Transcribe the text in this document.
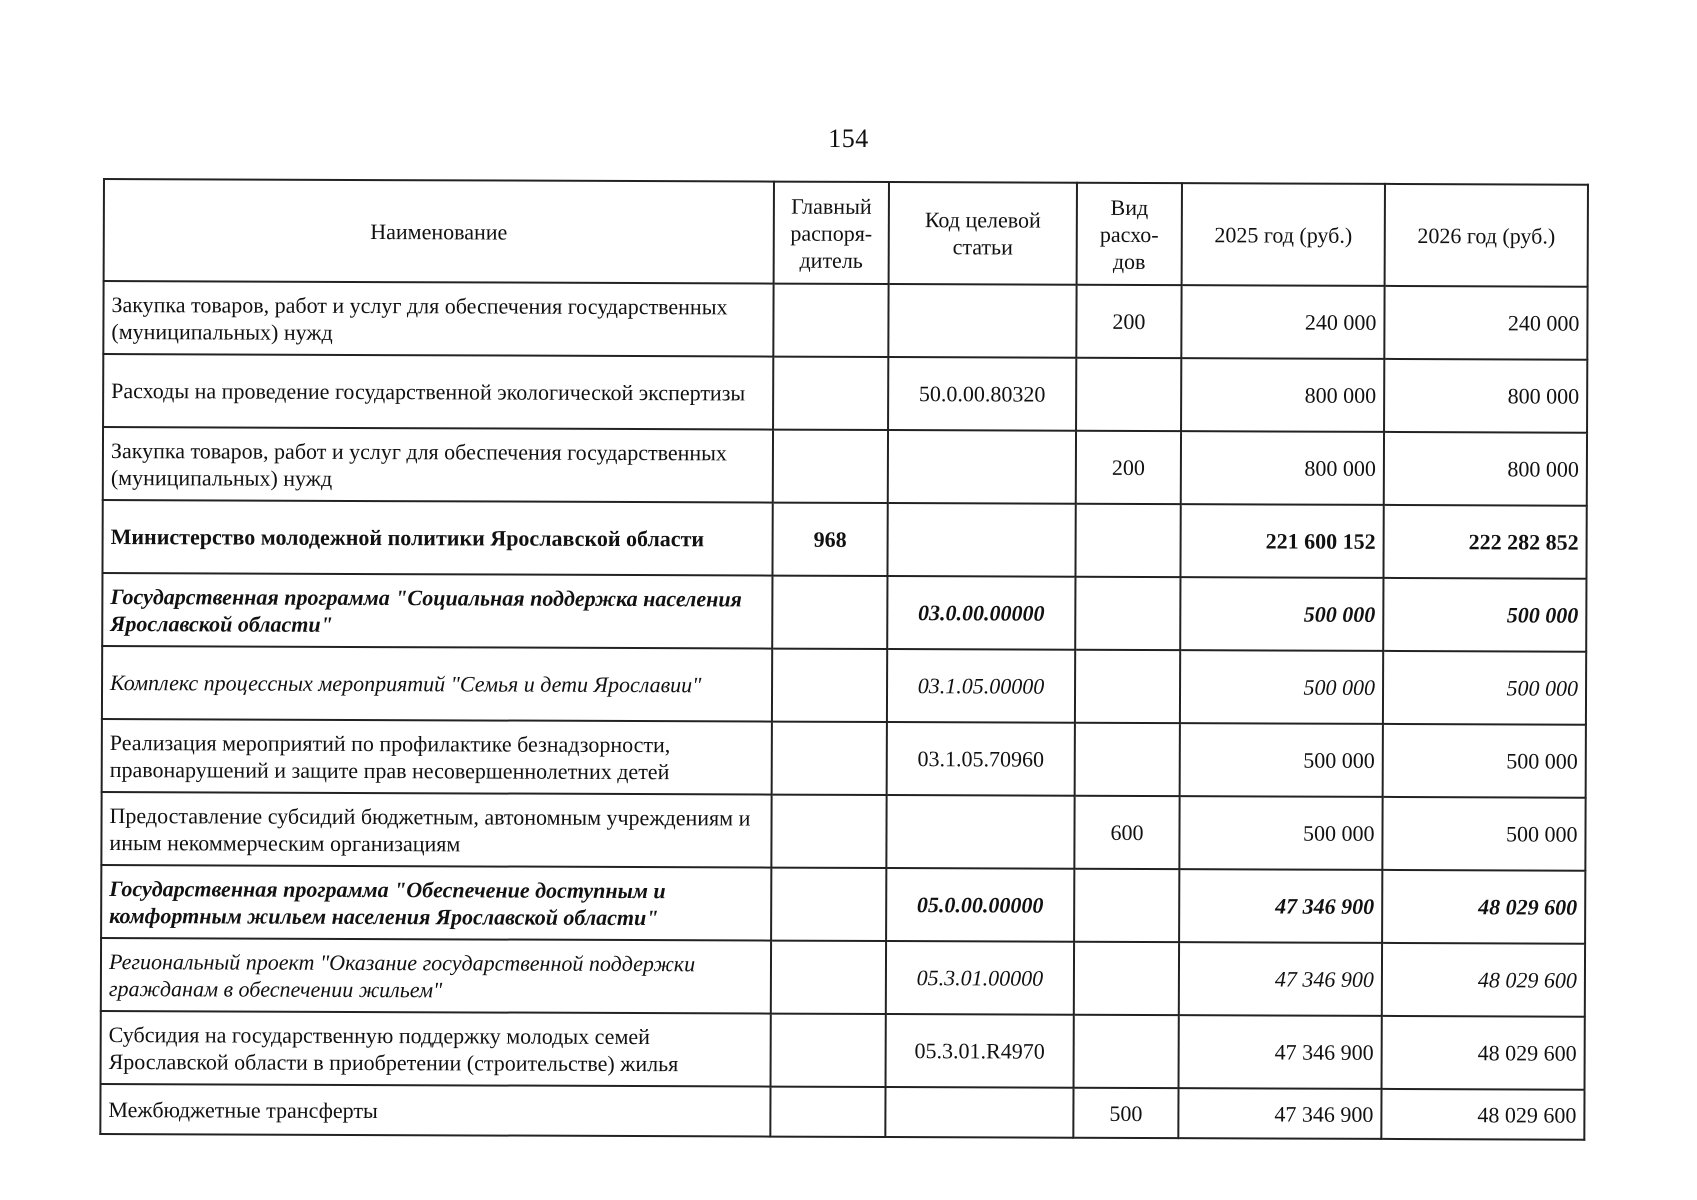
154
Наименование	Главный распоря-дитель	Код целевой статьи	Вид расхо-дов	2025 год (руб.)	2026 год (руб.)
Закупка товаров, работ и услуг для обеспечения государственных (муниципальных) нужд			200	240 000	240 000
Расходы на проведение государственной экологической экспертизы		50.0.00.80320		800 000	800 000
Закупка товаров, работ и услуг для обеспечения государственных (муниципальных) нужд			200	800 000	800 000
Министерство молодежной политики Ярославской области	968			221 600 152	222 282 852
Государственная программа "Социальная поддержка населения Ярославской области"		03.0.00.00000		500 000	500 000
Комплекс процессных мероприятий "Семья и дети Ярославии"		03.1.05.00000		500 000	500 000
Реализация мероприятий по профилактике безнадзорности, правонарушений и защите прав несовершеннолетних детей		03.1.05.70960		500 000	500 000
Предоставление субсидий бюджетным, автономным учреждениям и иным некоммерческим организациям			600	500 000	500 000
Государственная программа "Обеспечение доступным и комфортным жильем населения Ярославской области"		05.0.00.00000		47 346 900	48 029 600
Региональный проект "Оказание государственной поддержки гражданам в обеспечении жильем"		05.3.01.00000		47 346 900	48 029 600
Субсидия на государственную поддержку молодых семей Ярославской области в приобретении (строительстве) жилья		05.3.01.R4970		47 346 900	48 029 600
Межбюджетные трансферты			500	47 346 900	48 029 600
